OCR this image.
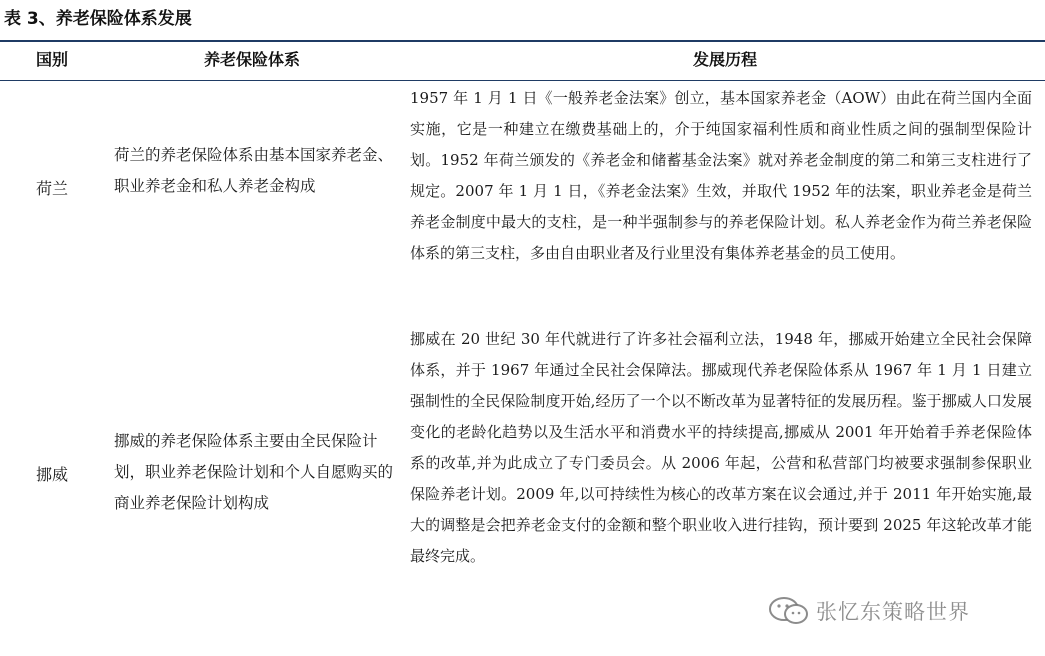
表 3、养老保险体系发展
国别	养老保险体系	发展历程
荷兰
荷兰的养老保险体系由基本国家养老金、职业养老金和私人养老金构成
1957 年 1 月 1 日《一般养老金法案》创立，基本国家养老金（AOW）由此在荷兰国内全面实施，它是一种建立在缴费基础上的，介于纯国家福利性质和商业性质之间的强制型保险计划。1952 年荷兰颁发的《养老金和储蓄基金法案》就对养老金制度的第二和第三支柱进行了规定。2007 年 1 月 1 日，《养老金法案》生效，并取代 1952 年的法案，职业养老金是荷兰养老金制度中最大的支柱，是一种半强制参与的养老保险计划。私人养老金作为荷兰养老保险体系的第三支柱，多由自由职业者及行业里没有集体养老基金的员工使用。
挪威
挪威的养老保险体系主要由全民保险计划，职业养老保险计划和个人自愿购买的商业养老保险计划构成
挪威在 20 世纪 30 年代就进行了许多社会福利立法，1948 年，挪威开始建立全民社会保障体系，并于 1967 年通过全民社会保障法。挪威现代养老保险体系从 1967 年 1 月 1 日建立强制性的全民保险制度开始,经历了一个以不断改革为显著特征的发展历程。鉴于挪威人口发展变化的老龄化趋势以及生活水平和消费水平的持续提高,挪威从 2001 年开始着手养老保险体系的改革,并为此成立了专门委员会。从 2006 年起，公营和私营部门均被要求强制参保职业保险养老计划。2009 年,以可持续性为核心的改革方案在议会通过,并于 2011 年开始实施,最大的调整是会把养老金支付的金额和整个职业收入进行挂钩，预计要到 2025 年这轮改革才能最终完成。
张忆东策略世界
